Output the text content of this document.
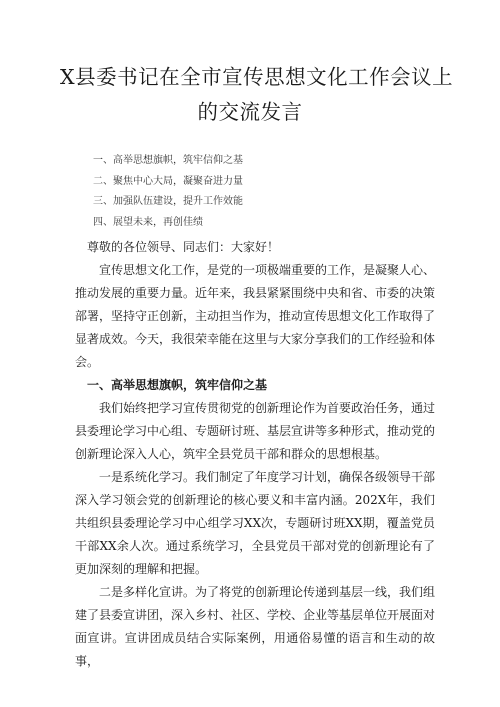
X县委书记在全市宣传思想文化工作会议上
的交流发言
一、高举思想旗帜，筑牢信仰之基
二、聚焦中心大局，凝聚奋进力量
三、加强队伍建设，提升工作效能
四、展望未来，再创佳绩

尊敬的各位领导、同志们：大家好！

宣传思想文化工作，是党的一项极端重要的工作，是凝聚人心、推动发展的重要力量。近年来，我县紧紧围绕中央和省、市委的决策部署，坚持守正创新，主动担当作为，推动宣传思想文化工作取得了显著成效。今天，我很荣幸能在这里与大家分享我们的工作经验和体会。

一、高举思想旗帜，筑牢信仰之基

我们始终把学习宣传贯彻党的创新理论作为首要政治任务，通过县委理论学习中心组、专题研讨班、基层宣讲等多种形式，推动党的创新理论深入人心，筑牢全县党员干部和群众的思想根基。

一是系统化学习。我们制定了年度学习计划，确保各级领导干部深入学习领会党的创新理论的核心要义和丰富内涵。202X年，我们共组织县委理论学习中心组学习XX次，专题研讨班XX期，覆盖党员干部XX余人次。通过系统学习，全县党员干部对党的创新理论有了更加深刻的理解和把握。

二是多样化宣讲。为了将党的创新理论传递到基层一线，我们组建了县委宣讲团，深入乡村、社区、学校、企业等基层单位开展面对面宣讲。宣讲团成员结合实际案例，用通俗易懂的语言和生动的故事，
